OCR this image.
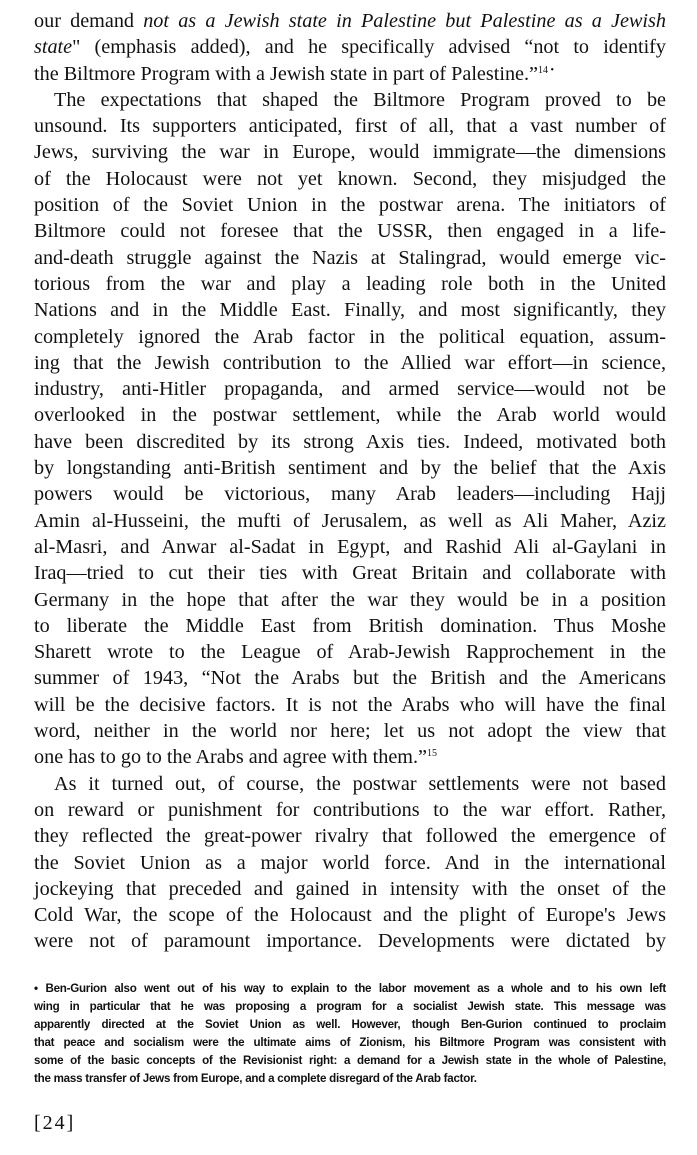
our demand not as a Jewish state in Palestine but Palestine as a Jewish
state" (emphasis added), and he specifically advised “not to identify
the Biltmore Program with a Jewish state in part of Palestine.”$^{14 •}$
The expectations that shaped the Biltmore Program proved to be
unsound. Its supporters anticipated, first of all, that a vast number of
Jews, surviving the war in Europe, would immigrate—the dimensions
of the Holocaust were not yet known. Second, they misjudged the
position of the Soviet Union in the postwar arena. The initiators of
Biltmore could not foresee that the USSR, then engaged in a life-
and-death struggle against the Nazis at Stalingrad, would emerge vic-
torious from the war and play a leading role both in the United
Nations and in the Middle East. Finally, and most significantly, they
completely ignored the Arab factor in the political equation, assum-
ing that the Jewish contribution to the Allied war effort—in science,
industry, anti-Hitler propaganda, and armed service—would not be
overlooked in the postwar settlement, while the Arab world would
have been discredited by its strong Axis ties. Indeed, motivated both
by longstanding anti-British sentiment and by the belief that the Axis
powers would be victorious, many Arab leaders—including Hajj
Amin al-Husseini, the mufti of Jerusalem, as well as Ali Maher, Aziz
al-Masri, and Anwar al-Sadat in Egypt, and Rashid Ali al-Gaylani in
Iraq—tried to cut their ties with Great Britain and collaborate with
Germany in the hope that after the war they would be in a position
to liberate the Middle East from British domination. Thus Moshe
Sharett wrote to the League of Arab-Jewish Rapprochement in the
summer of 1943, “Not the Arabs but the British and the Americans
will be the decisive factors. It is not the Arabs who will have the final
word, neither in the world nor here; let us not adopt the view that
one has to go to the Arabs and agree with them.”$^{15}$
As it turned out, of course, the postwar settlements were not based
on reward or punishment for contributions to the war effort. Rather,
they reflected the great-power rivalry that followed the emergence of
the Soviet Union as a major world force. And in the international
jockeying that preceded and gained in intensity with the onset of the
Cold War, the scope of the Holocaust and the plight of Europe's Jews
were not of paramount importance. Developments were dictated by
• Ben-Gurion also went out of his way to explain to the labor movement as a whole and to his own left
wing in particular that he was proposing a program for a socialist Jewish state. This message was
apparently directed at the Soviet Union as well. However, though Ben-Gurion continued to proclaim
that peace and socialism were the ultimate aims of Zionism, his Biltmore Program was consistent with
some of the basic concepts of the Revisionist right: a demand for a Jewish state in the whole of Palestine,
the mass transfer of Jews from Europe, and a complete disregard of the Arab factor.
[24]
